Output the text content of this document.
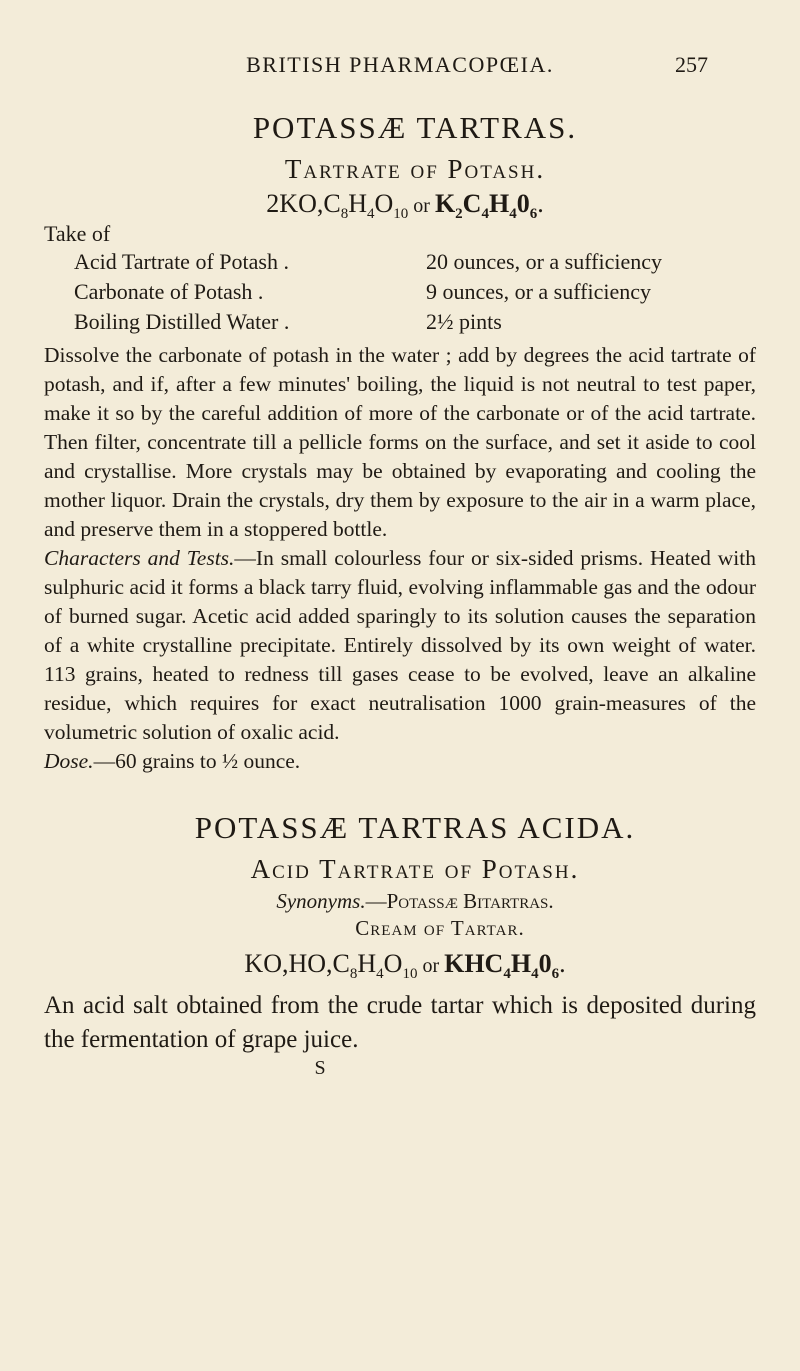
BRITISH PHARMACOPŒIA.	257
POTASSÆ TARTRAS.
Tartrate of Potash.
$2KO,C_8H_4O_{10}$ or $K_2C_4H_40_6$.
Take of
Acid Tartrate of Potash .	20 ounces, or a sufficiency
Carbonate of Potash .	9 ounces, or a sufficiency
Boiling Distilled Water .	2½ pints

Dissolve the carbonate of potash in the water ; add by degrees the acid tartrate of potash, and if, after a few minutes' boiling, the liquid is not neutral to test paper, make it so by the careful addition of more of the carbonate or of the acid tartrate. Then filter, concentrate till a pellicle forms on the surface, and set it aside to cool and crystallise. More crystals may be obtained by evaporating and cooling the mother liquor. Drain the crystals, dry them by exposure to the air in a warm place, and preserve them in a stoppered bottle.

Characters and Tests.—In small colourless four or six-sided prisms. Heated with sulphuric acid it forms a black tarry fluid, evolving inflammable gas and the odour of burned sugar. Acetic acid added sparingly to its solution causes the separation of a white crystalline precipitate. Entirely dissolved by its own weight of water. 113 grains, heated to redness till gases cease to be evolved, leave an alkaline residue, which requires for exact neutralisation 1000 grain-measures of the volumetric solution of oxalic acid.

Dose.—60 grains to ½ ounce.

POTASSÆ TARTRAS ACIDA.
Acid Tartrate of Potash.
Synonyms.—Potassæ Bitartras.
Cream of Tartar.
$KO,HO,C_8H_4O_{10}$ or $KHC_4H_40_6$.

An acid salt obtained from the crude tartar which is deposited during the fermentation of grape juice.

S
